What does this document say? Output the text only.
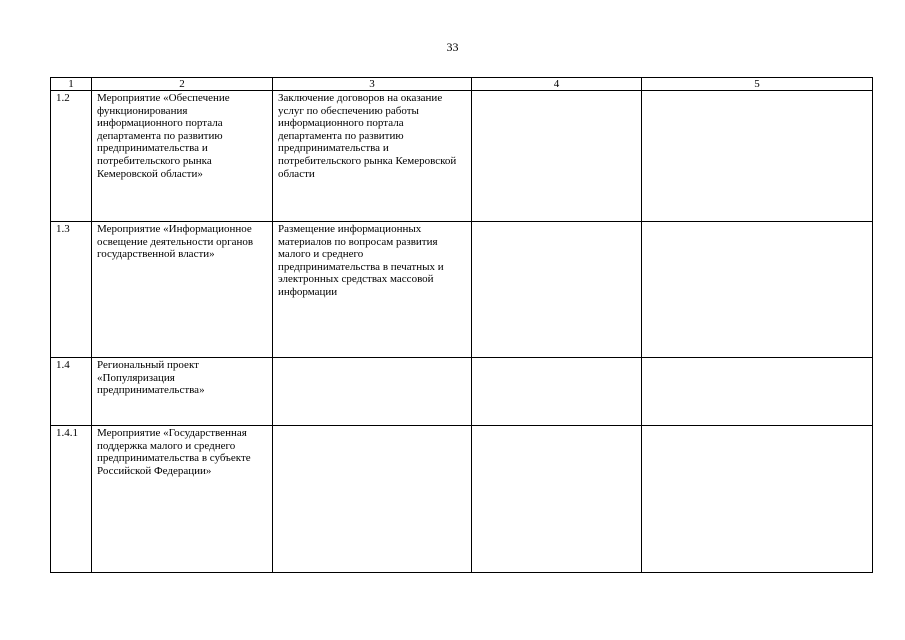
33
1	2	3	4	5
1.2	Мероприятие «Обеспечение функционирования информационного портала департамента по развитию предпринимательства и потребительского рынка Кемеровской области»	Заключение договоров на оказание услуг по обеспечению работы информационного портала департамента по развитию предпринимательства и потребительского рынка Кемеровской области		
1.3	Мероприятие «Информационное освещение деятельности органов государственной власти»	Размещение информационных материалов по вопросам развития малого и среднего предпринимательства в печатных и электронных средствах массовой информации		
1.4	Региональный проект «Популяризация предпринимательства»			
1.4.1	Мероприятие «Государственная поддержка малого и среднего предпринимательства в субъекте Российской Федерации»			
